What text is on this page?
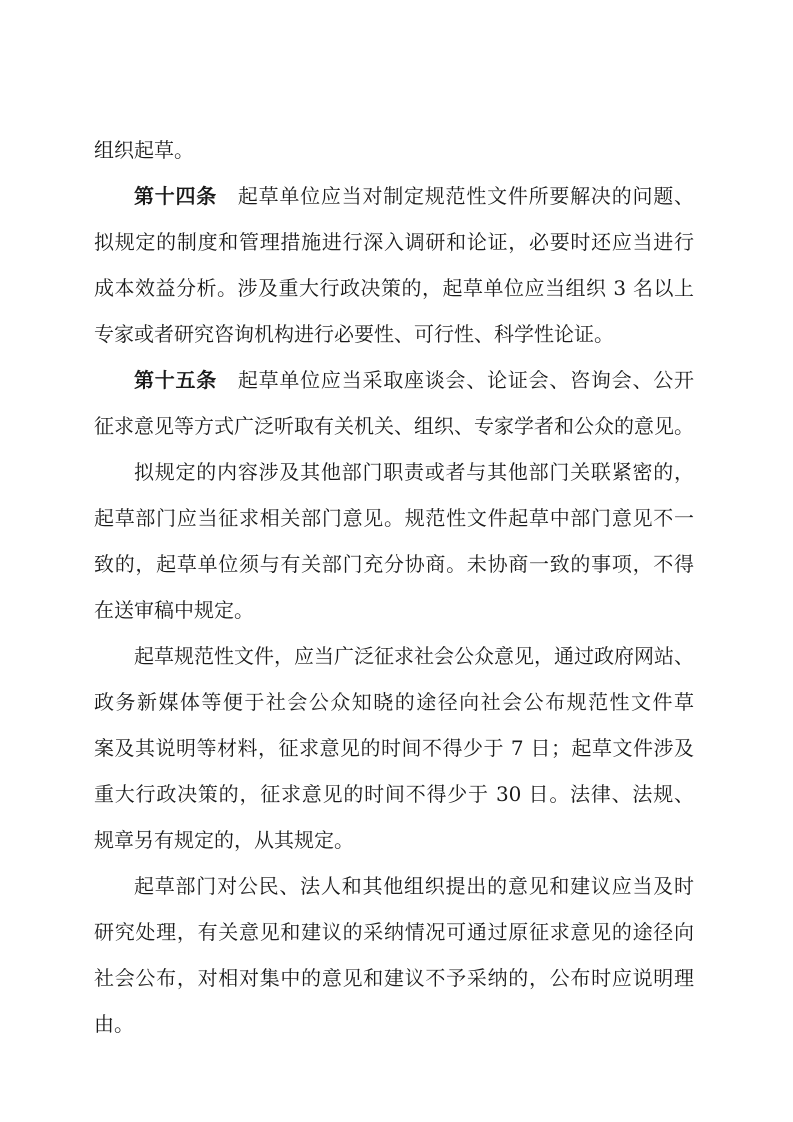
组织起草。
第十四条　 起草单位应当对制定规范性文件所要解决的问题、
拟规定的制度和管理措施进行深入调研和论证，必要时还应当进行
成本效益分析。涉及重大行政决策的，起草单位应当组织 3 名以上
专家或者研究咨询机构进行必要性、可行性、科学性论证。
第十五条　 起草单位应当采取座谈会、论证会、咨询会、公开
征求意见等方式广泛听取有关机关、组织、专家学者和公众的意见。
拟规定的内容涉及其他部门职责或者与其他部门关联紧密的，
起草部门应当征求相关部门意见。规范性文件起草中部门意见不一
致的，起草单位须与有关部门充分协商。未协商一致的事项，不得
在送审稿中规定。
起草规范性文件，应当广泛征求社会公众意见，通过政府网站、
政务新媒体等便于社会公众知晓的途径向社会公布规范性文件草
案及其说明等材料，征求意见的时间不得少于 7 日；起草文件涉及
重大行政决策的，征求意见的时间不得少于 30 日。法律、法规、
规章另有规定的，从其规定。
起草部门对公民、法人和其他组织提出的意见和建议应当及时
研究处理，有关意见和建议的采纳情况可通过原征求意见的途径向
社会公布，对相对集中的意见和建议不予采纳的，公布时应说明理
由。
